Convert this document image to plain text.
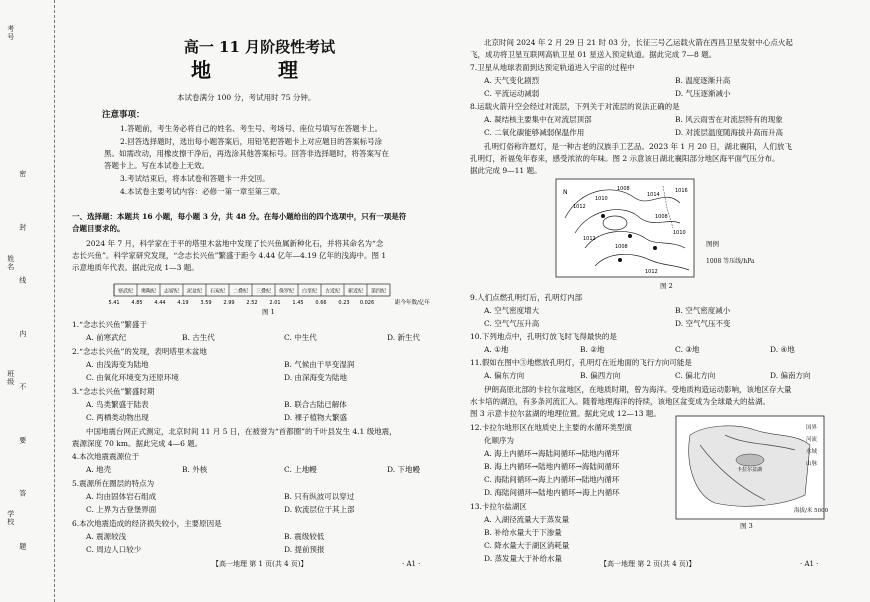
考号
姓名
班级
学校 密 封 线 内 不 要 答 题
高一 11 月阶段性考试
地 理
本试卷满分 100 分，考试用时 75 分钟。
注意事项：
1.答题前，考生务必将自己的姓名、考生号、考场号、座位号填写在答题卡上。
2.回答选择题时，选出每小题答案后，用铅笔把答题卡上对应题目的答案标号涂
黑。如需改动，用橡皮擦干净后，再选涂其他答案标号。回答非选择题时，将答案写在
答题卡上。写在本试卷上无效。
3.考试结束后，将本试卷和答题卡一并交回。
4.本试卷主要考试内容：必修一第一章至第三章。
一、选择题：本题共 16 小题，每小题 3 分，共 48 分。在每小题给出的四个选项中，只有一项是符
合题目要求的。
2024 年 7 月，科学家在于平的塔里木盆地中发现了长兴鱼属新种化石，并将其命名为“念
志长兴鱼”。科学家研究发现，“念志长兴鱼”繁盛于距今 4.44 亿年—4.19 亿年的浅海中。图 1
示意地质年代表。据此完成 1—3 题。
寒武纪 奥陶纪 志留纪 泥盆纪 石炭纪 二叠纪 三叠纪 侏罗纪 白垩纪 古近纪 新近纪 第四纪
5.41 4.85 4.44 4.19 3.59 2.99 2.52 2.01 1.45 0.66 0.23 0.026	距今年数/亿年
图 1
1.“念志长兴鱼”繁盛于
A. 前寒武纪	B. 古生代	C. 中生代	D. 新生代
2.“念志长兴鱼”的发现，表明塔里木盆地
A. 由浅海变为陆地	B. 气候由干旱变湿润
C. 由氧化环境变为还原环境	D. 由深海变为陆地
3.“念志长兴鱼”繁盛时期
A. 鸟类繁盛于陆表	B. 联合古陆已解体
C. 两栖类动物出现	D. 裸子植物大繁盛
中国地震台网正式测定，北京时间 11 月 5 日，在被誉为“首都圈”的千叶县发生 4.1 级地震，
震源深度 70 km。据此完成 4—6 题。
4.本次地震震源位于
A. 地壳	B. 外核	C. 上地幔	D. 下地幔
5.震源所在圈层的特点为
A. 均由固体岩石组成	B. 只有纵波可以穿过
C. 上界为古登堡界面	D. 软流层位于其上部
6.本次地震造成的经济损失较小，主要原因是
A. 震源较浅	B. 震级较低
C. 周边人口较少	D. 提前预报
【高一地理 第 1 页(共 4 页)】	· A1 ·
北京时间 2024 年 2 月 29 日 21 时 03 分，长征三号乙运载火箭在西昌卫星发射中心点火起
飞，成功将卫星互联网高轨卫星 01 星送入预定轨道。据此完成 7—8 题。
7.卫星从地球表面到达预定轨道进入宇宙的过程中
A. 天气变化剧烈	B. 温度逐渐升高
C. 平流运动减弱	D. 气压逐渐减小
8.运载火箭升空会经过对流层，下列关于对流层的说法正确的是
A. 凝结核主要集中在对流层顶部	B. 风云雨雪在对流层特有的现象
C. 二氧化碳能够减弱保温作用	D. 对流层温度随海拔升高而升高
孔明灯俗称许愿灯，是一种古老的汉族手工艺品。2023 年 1 月 20 日，湖北襄阳，人们放飞
孔明灯，祈福兔年春来，感受浓浓的年味。图 2 示意该日湖北襄阳部分地区海平面气压分布。
据此完成 9—11 题。
N
1012
1010
1008
1014
1016
1008
1010
1012
1008
1012
图例
1008 等压线/hPa
图 2
9.人们点燃孔明灯后，孔明灯内部
A. 空气密度增大	B. 空气密度减小
C. 空气气压升高	D. 空气气压不变
10.下列地点中，孔明灯放飞时飞得最快的是
A. ①地	B. ②地	C. ③地	D. ④地
11.假如在图中③地燃放孔明灯，孔明灯在近地面的飞行方向可能是
A. 偏东方向	B. 偏西方向	C. 偏北方向	D. 偏南方向
伊朗高原北部的卡拉尔盆地区，在地质时期，曾为海洋。受地质构造运动影响，该地区存大量
水卡培的湖泊，有多条河流汇入。随着地理海洋的持续，该地区盆变成为全球最大的盐湖。
图 3 示意卡拉尔盆湖的地理位置。据此完成 12—13 题。
12.卡拉尔地形区在地质史上主要的水循环类型演
化顺序为
A. 海上内循环→海陆间循环→陆地内循环
B. 海上内循环→陆地内循环→海陆间循环
C. 海陆间循环→海上内循环→陆地内循环
D. 海陆间循环→陆地内循环→海上内循环
13.卡拉尔盐湖区
A. 入湖径流量大于蒸发量
B. 补给水量大于下渗量
C. 降水量大于湖区消耗量
D. 蒸发量大于补给水量
卡拉尔盆湖
国界
河流
水域
山脉
海拔/米 5000
图 3
【高一地理 第 2 页(共 4 页)】	· A1 ·
